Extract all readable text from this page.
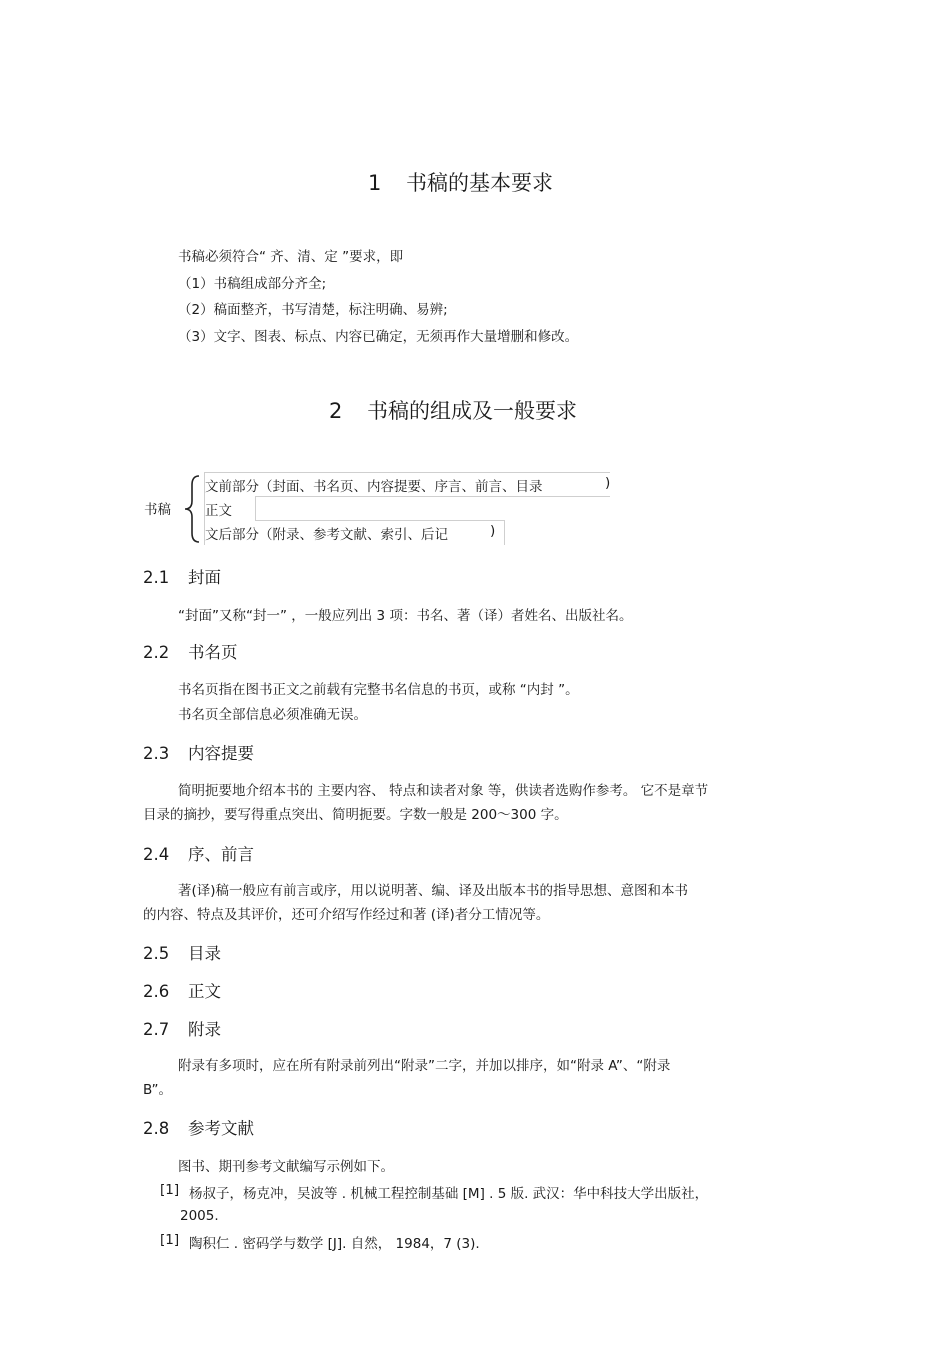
1 书稿的基本要求
书稿必须符合“ 齐、清、定 ”要求，即
（1）书稿组成部分齐全;
（2）稿面整齐，书写清楚，标注明确、易辨;
（3）文字、图表、标点、内容已确定，无须再作大量增删和修改。
2 书稿的组成及一般要求
书稿
文前部分（封面、书名页、内容提要、序言、前言、目录	)
正文
文后部分（附录、参考文献、索引、后记	)
2.1 封面
“封面”又称“封一” ，一般应列出 3 项：书名、著（译）者姓名、出版社名。
2.2 书名页
书名页指在图书正文之前载有完整书名信息的书页，或称 “内封 ”。
书名页全部信息必须准确无误。
2.3 内容提要
简明扼要地介绍本书的 主要内容、 特点和读者对象 等，供读者选购作参考。 它不是章节
目录的摘抄，要写得重点突出、简明扼要。字数一般是 200～300 字。
2.4 序、前言
著(译)稿一般应有前言或序，用以说明著、编、译及出版本书的指导思想、意图和本书
的内容、特点及其评价，还可介绍写作经过和著 (译)者分工情况等。
2.5 目录
2.6 正文
2.7 附录
附录有多项时，应在所有附录前列出“附录”二字，并加以排序，如“附录 A”、“附录
B”。
2.8 参考文献
图书、期刊参考文献编写示例如下。
[1] 杨叔子，杨克冲，吴波等 . 机械工程控制基础 [M] . 5 版. 武汉：华中科技大学出版社，
2005.
[1] 陶积仁 . 密码学与数学 [J]. 自然， 1984，7 (3).
